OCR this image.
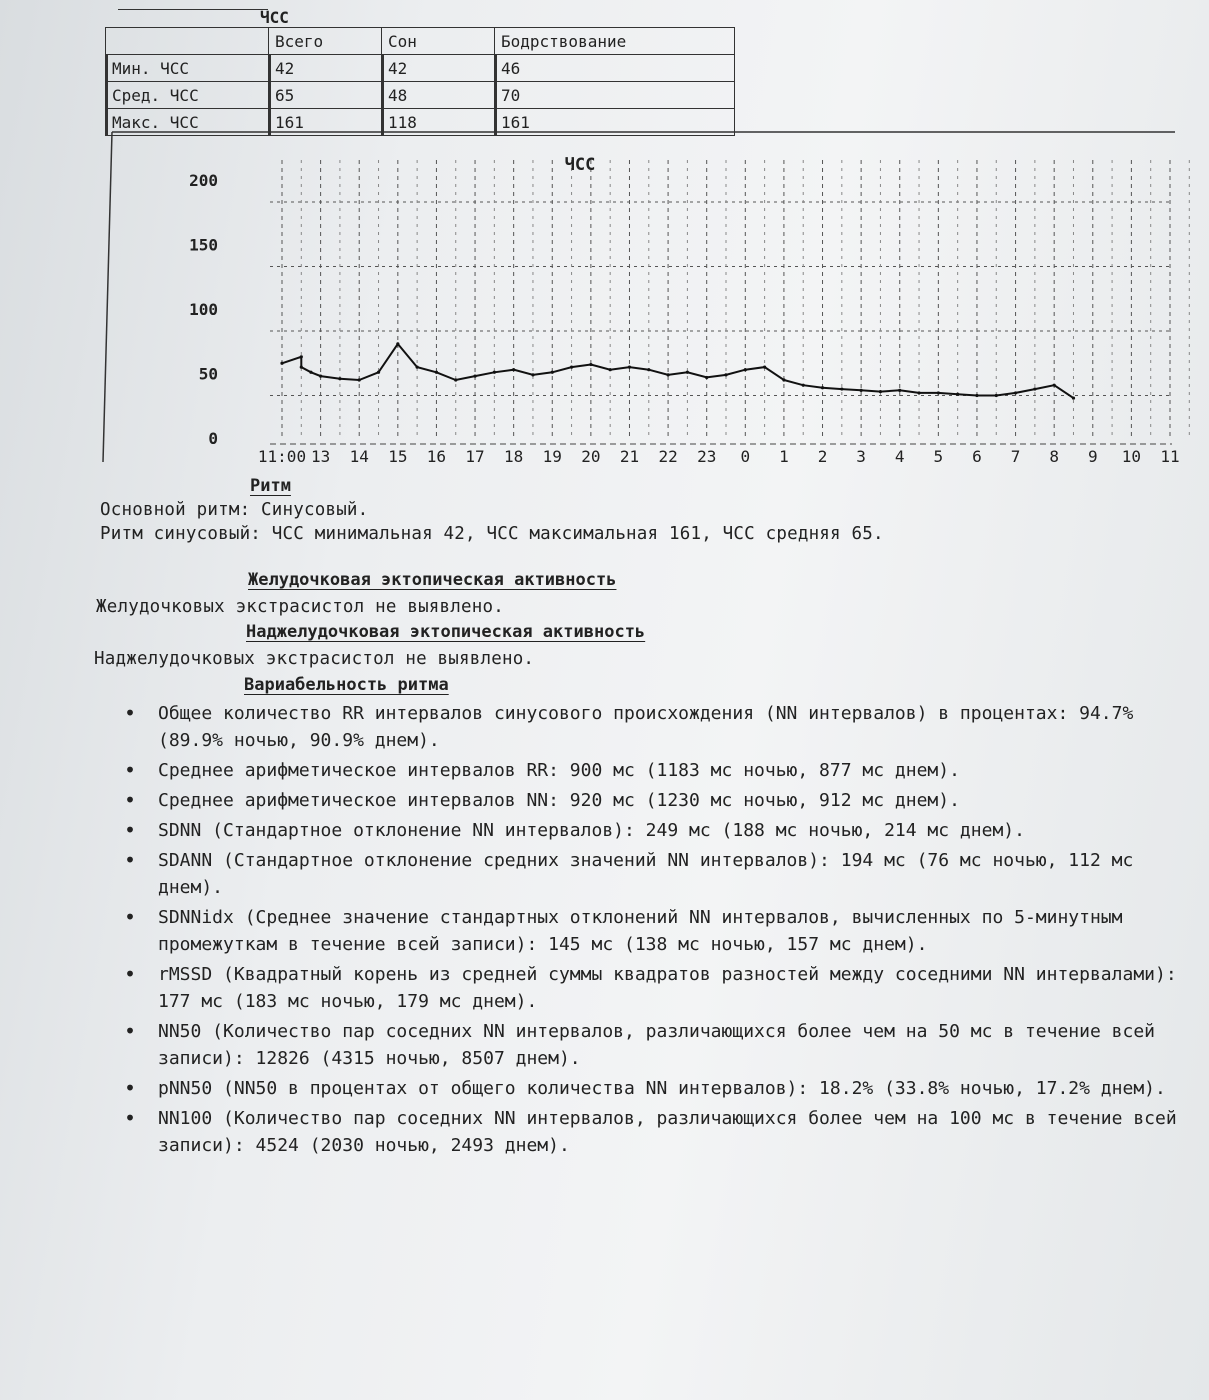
ЧСС
	Всего	Сон	Бодрствование
Мин. ЧСС	42	42	46
Сред. ЧСС	65	48	70
Макс. ЧСС	161	118	161
200
150
100
50
0
11:00 13 14 15 16 17 18 19 20 21 22 23 0 1 2 3 4 5 6 7 8 9 10 11
ЧСС
Ритм
Основной ритм: Синусовый.
Ритм синусовый: ЧСС минимальная 42, ЧСС максимальная 161, ЧСС средняя 65.
Желудочковая эктопическая активность
Желудочковых экстрасистол не выявлено.
Наджелудочковая эктопическая активность
Наджелудочковых экстрасистол не выявлено.
Вариабельность ритма
• Общее количество RR интервалов синусового происхождения (NN интервалов) в процентах: 94.7% (89.9% ночью, 90.9% днем).
• Среднее арифметическое интервалов RR: 900 мс (1183 мс ночью, 877 мс днем).
• Среднее арифметическое интервалов NN: 920 мс (1230 мс ночью, 912 мс днем).
• SDNN (Стандартное отклонение NN интервалов): 249 мс (188 мс ночью, 214 мс днем).
• SDANN (Стандартное отклонение средних значений NN интервалов): 194 мс (76 мс ночью, 112 мс днем).
• SDNNidx (Среднее значение стандартных отклонений NN интервалов, вычисленных по 5-минутным промежуткам в течение всей записи): 145 мс (138 мс ночью, 157 мс днем).
• rMSSD (Квадратный корень из средней суммы квадратов разностей между соседними NN интервалами): 177 мс (183 мс ночью, 179 мс днем).
• NN50 (Количество пар соседних NN интервалов, различающихся более чем на 50 мс в течение всей записи): 12826 (4315 ночью, 8507 днем).
• pNN50 (NN50 в процентах от общего количества NN интервалов): 18.2% (33.8% ночью, 17.2% днем).
• NN100 (Количество пар соседних NN интервалов, различающихся более чем на 100 мс в течение всей записи): 4524 (2030 ночью, 2493 днем).
